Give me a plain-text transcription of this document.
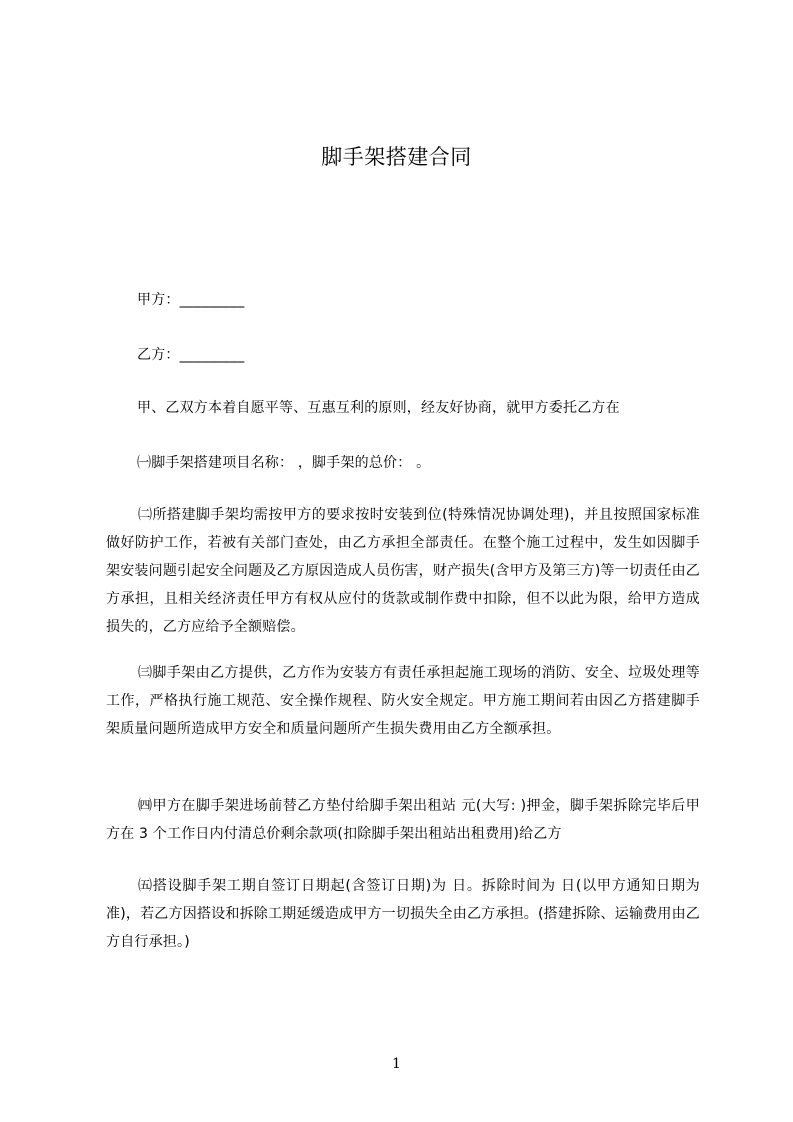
脚手架搭建合同
甲方：_________
乙方：_________
甲、乙双方本着自愿平等、互惠互利的原则，经友好协商，就甲方委托乙方在
㈠脚手架搭建项目名称： ，脚手架的总价： 。
㈡所搭建脚手架均需按甲方的要求按时安装到位(特殊情况协调处理)，并且按照国家标准做好防护工作，若被有关部门查处，由乙方承担全部责任。在整个施工过程中，发生如因脚手架安装问题引起安全问题及乙方原因造成人员伤害，财产损失(含甲方及第三方)等一切责任由乙方承担，且相关经济责任甲方有权从应付的货款或制作费中扣除，但不以此为限，给甲方造成损失的，乙方应给予全额赔偿。
㈢脚手架由乙方提供，乙方作为安装方有责任承担起施工现场的消防、安全、垃圾处理等工作，严格执行施工规范、安全操作规程、防火安全规定。甲方施工期间若由因乙方搭建脚手架质量问题所造成甲方安全和质量问题所产生损失费用由乙方全额承担。
㈣甲方在脚手架进场前替乙方垫付给脚手架出租站 元(大写: )押金，脚手架拆除完毕后甲方在 3 个工作日内付清总价剩余款项(扣除脚手架出租站出租费用)给乙方
㈤搭设脚手架工期自签订日期起(含签订日期)为 日。拆除时间为 日(以甲方通知日期为准)，若乙方因搭设和拆除工期延缓造成甲方一切损失全由乙方承担。(搭建拆除、运输费用由乙方自行承担。)
1
